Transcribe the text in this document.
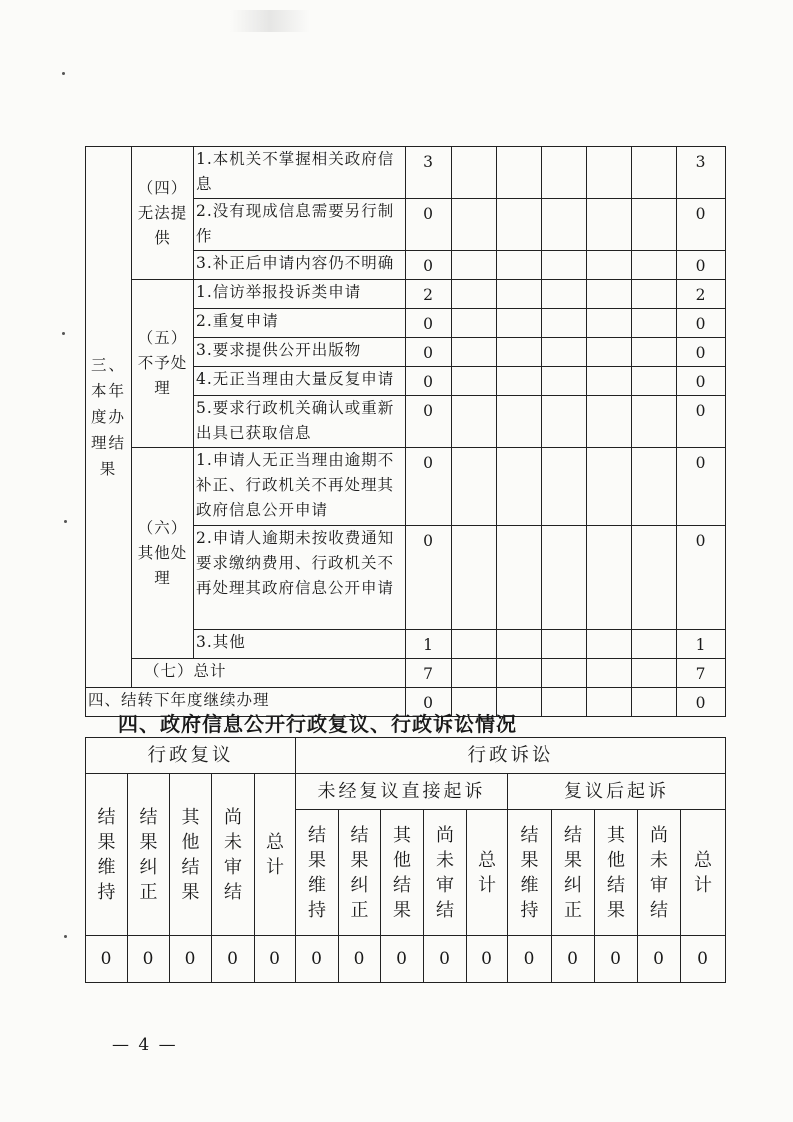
三、本年度办理结果	（四）无法提供	1.本机关不掌握相关政府信息	3						3
		2.没有现成信息需要另行制作	0						0
		3.补正后申请内容仍不明确	0						0
	（五）不予处理	1.信访举报投诉类申请	2						2
		2.重复申请	0						0
		3.要求提供公开出版物	0						0
		4.无正当理由大量反复申请	0						0
		5.要求行政机关确认或重新出具已获取信息	0						0
	（六）其他处理	1.申请人无正当理由逾期不补正、行政机关不再处理其政府信息公开申请	0						0
		2.申请人逾期未按收费通知要求缴纳费用、行政机关不再处理其政府信息公开申请	0						0
		3.其他	1						1
	（七）总计		7						7
四、结转下年度继续办理			0						0
四、政府信息公开行政复议、行政诉讼情况
行政复议					行政诉讼									

结果维持	结果纠正	其他结果	尚未审结	总计	未经复议直接起诉					复议后起诉				

					结果维持	结果纠正	其他结果	尚未审结	总计	结果维持	结果纠正	其他结果	尚未审结	总计

0	0	0	0	0	0	0	0	0	0	0	0	0	0	0
— 4 —
